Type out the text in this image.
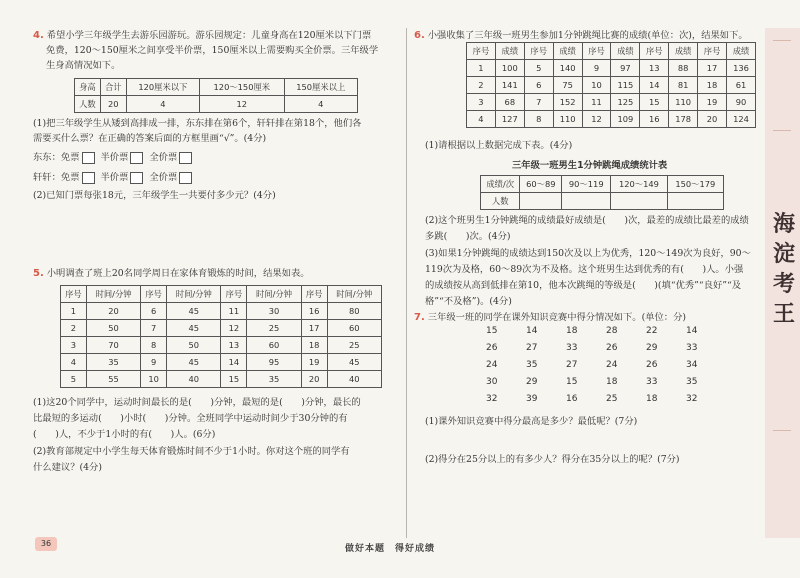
4. 希望小学三年级学生去游乐园游玩。游乐园规定：儿童身高在120厘米以下门票
免费，120～150厘米之间享受半价票，150厘米以上需要购买全价票。三年级学
生身高情况如下。
身高	合计	120厘米以下	120～150厘米	150厘米以上
人数	20	4	12	4
(1)把三年级学生从矮到高排成一排，东东排在第6个，轩轩排在第18个，他们各
需要买什么票？在正确的答案后面的方框里画“√”。(4分)
东东：免票 半价票 全价票
轩轩：免票 半价票 全价票
(2)已知门票每张18元，三年级学生一共要付多少元？(4分)
5. 小明调查了班上20名同学周日在家体育锻炼的时间，结果如表。
序号	时间/分钟	序号	时间/分钟	序号	时间/分钟	序号	时间/分钟
1	20	6	45	11	30	16	80
2	50	7	45	12	25	17	60
3	70	8	50	13	60	18	25
4	35	9	45	14	95	19	45
5	55	10	40	15	35	20	40
(1)这20个同学中，运动时间最长的是(　　)分钟，最短的是(　　)分钟，最长的
比最短的多运动(　　)小时(　　)分钟。全班同学中运动时间少于30分钟的有
(　　)人，不少于1小时的有(　　)人。(6分)
(2)教育部规定中小学生每天体育锻炼时间不少于1小时。你对这个班的同学有
什么建议？(4分)
6. 小强收集了三年级一班男生参加1分钟跳绳比赛的成绩(单位：次)，结果如下。
序号	成绩	序号	成绩	序号	成绩	序号	成绩	序号	成绩
1	100	5	140	9	97	13	88	17	136
2	141	6	75	10	115	14	81	18	61
3	68	7	152	11	125	15	110	19	90
4	127	8	110	12	109	16	178	20	124
(1)请根据以上数据完成下表。(4分)
三年级一班男生1分钟跳绳成绩统计表
成绩/次	60～89	90～119	120～149	150～179
人数				
(2)这个班男生1分钟跳绳的成绩最好成绩是(　　)次，最差的成绩比最差的成绩
多跳(　　)次。(4分)
(3)如果1分钟跳绳的成绩达到150次及以上为优秀，120～149次为良好，90～
119次为及格，60～89次为不及格。这个班男生达到优秀的有(　　)人。小强
的成绩按从高到低排在第10，他本次跳绳的等级是(　　)(填“优秀”“良好”“及
格”“不及格”)。(4分)
7. 三年级一班的同学在课外知识竞赛中得分情况如下。(单位：分)
15	14	18	28	22	14
26	27	33	26	29	33
24	35	27	24	26	34
30	29	15	18	33	35
32	39	16	25	18	32
(1)课外知识竞赛中得分最高是多少？最低呢？(7分)
(2)得分在25分以上的有多少人？得分在35分以上的呢？(7分)
海
淀
考
王
36
做好本题　得好成绩
